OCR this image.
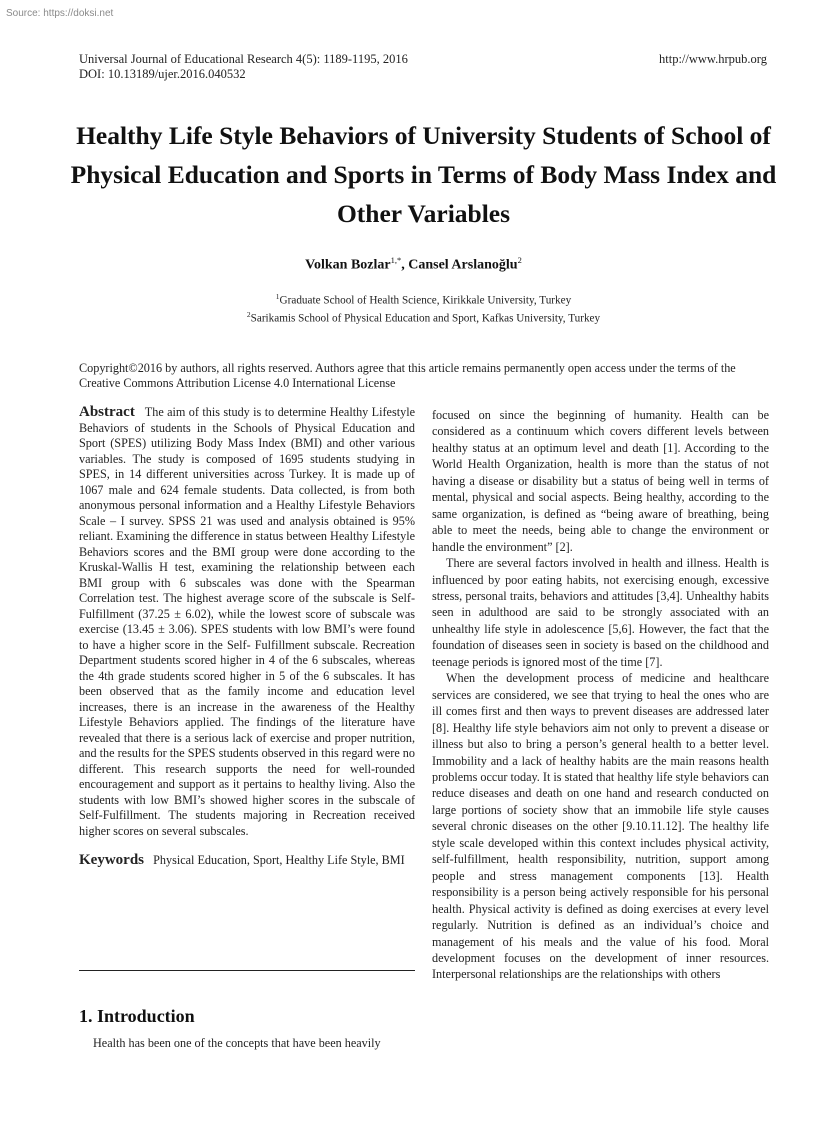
Source: https://doksi.net
Universal Journal of Educational Research 4(5): 1189-1195, 2016
DOI: 10.13189/ujer.2016.040532
http://www.hrpub.org
Healthy Life Style Behaviors of University Students of School of Physical Education and Sports in Terms of Body Mass Index and Other Variables
Volkan Bozlar$^{1,*}$, Cansel Arslanoğlu$^2$
$^1$Graduate School of Health Science, Kirikkale University, Turkey
$^2$Sarikamis School of Physical Education and Sport, Kafkas University, Turkey
Copyright©2016 by authors, all rights reserved. Authors agree that this article remains permanently open access under the terms of the Creative Commons Attribution License 4.0 International License
Abstract The aim of this study is to determine Healthy Lifestyle Behaviors of students in the Schools of Physical Education and Sport (SPES) utilizing Body Mass Index (BMI) and other various variables. The study is composed of 1695 students studying in SPES, in 14 different universities across Turkey. It is made up of 1067 male and 624 female students. Data collected, is from both anonymous personal information and a Healthy Lifestyle Behaviors Scale – I survey. SPSS 21 was used and analysis obtained is 95% reliant. Examining the difference in status between Healthy Lifestyle Behaviors scores and the BMI group were done according to the Kruskal-Wallis H test, examining the relationship between each BMI group with 6 subscales was done with the Spearman Correlation test. The highest average score of the subscale is Self-Fulfillment (37.25 ± 6.02), while the lowest score of subscale was exercise (13.45 ± 3.06). SPES students with low BMI’s were found to have a higher score in the Self- Fulfillment subscale. Recreation Department students scored higher in 4 of the 6 subscales, whereas the 4th grade students scored higher in 5 of the 6 subscales. It has been observed that as the family income and education level increases, there is an increase in the awareness of the Healthy Lifestyle Behaviors applied. The findings of the literature have revealed that there is a serious lack of exercise and proper nutrition, and the results for the SPES students observed in this regard were no different. This research supports the need for well-rounded encouragement and support as it pertains to healthy living. Also the students with low BMI’s showed higher scores in the subscale of Self-Fulfillment. The students majoring in Recreation received higher scores on several subscales.
Keywords Physical Education, Sport, Healthy Life Style, BMI
1. Introduction
Health has been one of the concepts that have been heavily

focused on since the beginning of humanity. Health can be considered as a continuum which covers different levels between healthy status at an optimum level and death [1]. According to the World Health Organization, health is more than the status of not having a disease or disability but a status of being well in terms of mental, physical and social aspects. Being healthy, according to the same organization, is defined as “being aware of breathing, being able to meet the needs, being able to change the environment or handle the environment” [2].

There are several factors involved in health and illness. Health is influenced by poor eating habits, not exercising enough, excessive stress, personal traits, behaviors and attitudes [3,4]. Unhealthy habits seen in adulthood are said to be strongly associated with an unhealthy life style in adolescence [5,6]. However, the fact that the foundation of diseases seen in society is based on the childhood and teenage periods is ignored most of the time [7].

When the development process of medicine and healthcare services are considered, we see that trying to heal the ones who are ill comes first and then ways to prevent diseases are addressed later [8]. Healthy life style behaviors aim not only to prevent a disease or illness but also to bring a person’s general health to a better level. Immobility and a lack of healthy habits are the main reasons health problems occur today. It is stated that healthy life style behaviors can reduce diseases and death on one hand and research conducted on large portions of society show that an immobile life style causes several chronic diseases on the other [9.10.11.12]. The healthy life style scale developed within this context includes physical activity, self-fulfillment, health responsibility, nutrition, support among people and stress management components [13]. Health responsibility is a person being actively responsible for his personal health. Physical activity is defined as doing exercises at every level regularly. Nutrition is defined as an individual’s choice and management of his meals and the value of his food. Moral development focuses on the development of inner resources. Interpersonal relationships are the relationships with others
